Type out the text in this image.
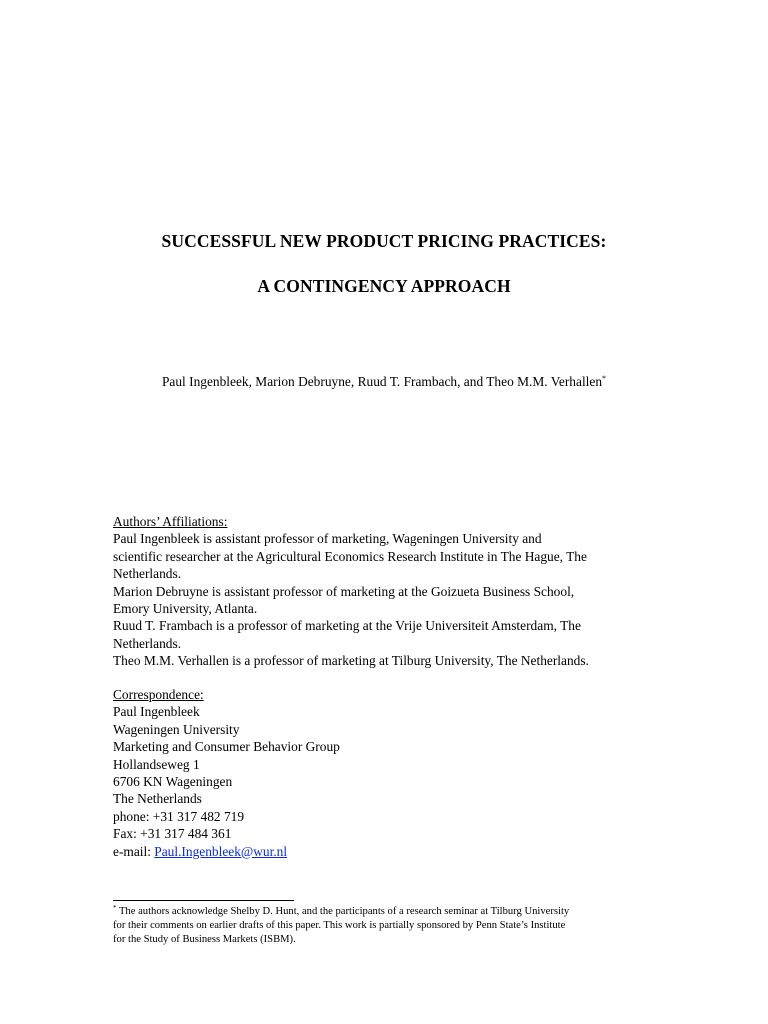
SUCCESSFUL NEW PRODUCT PRICING PRACTICES:
A CONTINGENCY APPROACH

Paul Ingenbleek, Marion Debruyne, Ruud T. Frambach, and Theo M.M. Verhallen*

Authors’ Affiliations:
Paul Ingenbleek is assistant professor of marketing, Wageningen University and
scientific researcher at the Agricultural Economics Research Institute in The Hague, The
Netherlands.
Marion Debruyne is assistant professor of marketing at the Goizueta Business School,
Emory University, Atlanta.
Ruud T. Frambach is a professor of marketing at the Vrije Universiteit Amsterdam, The
Netherlands.
Theo M.M. Verhallen is a professor of marketing at Tilburg University, The Netherlands.
Correspondence:
Paul Ingenbleek
Wageningen University
Marketing and Consumer Behavior Group
Hollandseweg 1
6706 KN Wageningen
The Netherlands
phone: +31 317 482 719
Fax: +31 317 484 361
e-mail: Paul.Ingenbleek@wur.nl
* The authors acknowledge Shelby D. Hunt, and the participants of a research seminar at Tilburg University
for their comments on earlier drafts of this paper. This work is partially sponsored by Penn State’s Institute
for the Study of Business Markets (ISBM).
